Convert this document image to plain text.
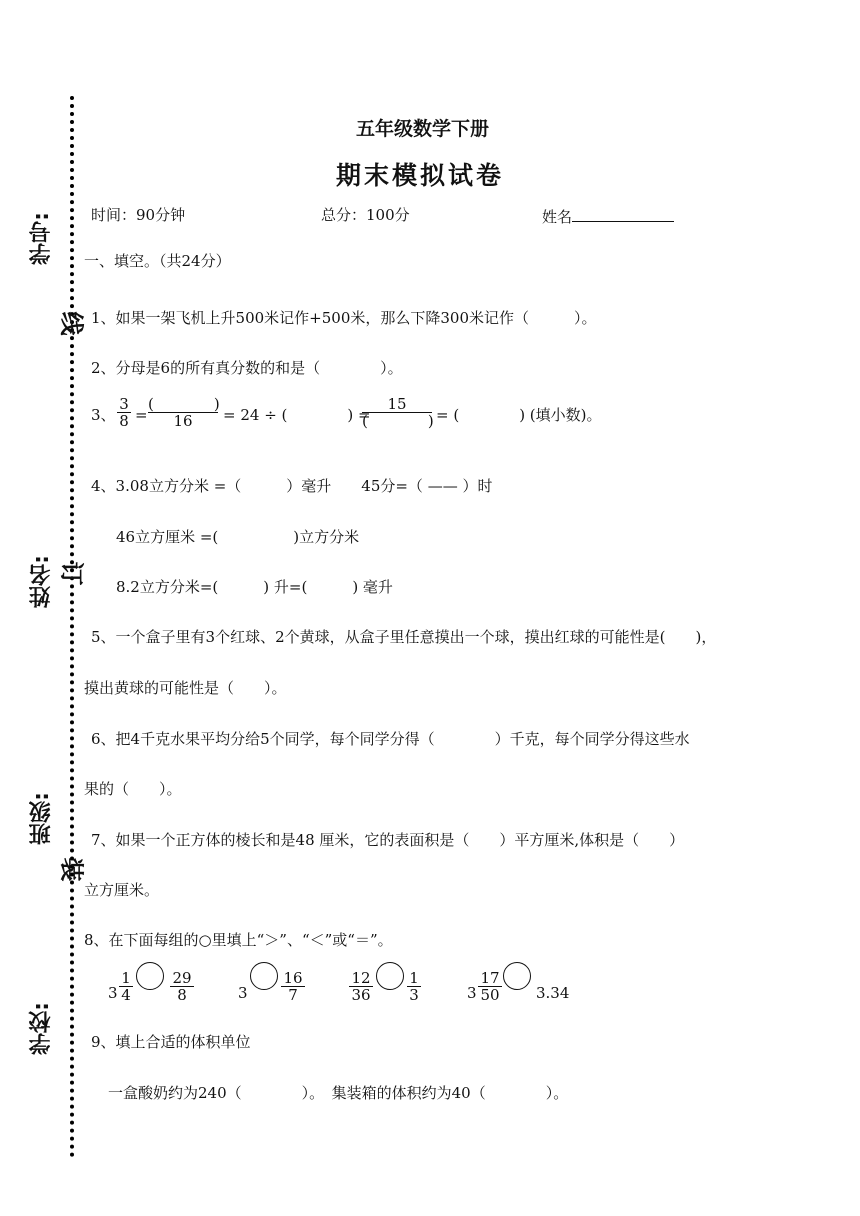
学号:
姓名:
班级:
学校:
线
订
装
五年级数学下册
期末模拟试卷
时间：90分钟	总分：100分	姓名
一、填空。（共24分）
1、如果一架飞机上升500米记作+500米，那么下降300米记作（　　　）。
2、分母是6的所有真分数的和是（　　　　）。
3、 $\frac{3}{8}$ =
(　　　　)
16	= 24 ÷ (　　　　) =
15
(　　　　) = (　　　　) (填小数)。
4、3.08立方分米 =（　　　）毫升　　45分=（ —— ）时
46立方厘米 =(　　　　　)立方分米
8.2立方分米=(　　　) 升=(　　　) 毫升
5、一个盒子里有3个红球、2个黄球，从盒子里任意摸出一个球，摸出红球的可能性是(　　)，
摸出黄球的可能性是（　　）。
6、把4千克水果平均分给5个同学，每个同学分得（　　　　）千克，每个同学分得这些水
果的（　　）。
7、如果一个正方体的棱长和是48 厘米，它的表面积是（　　）平方厘米,体积是（　　）
立方厘米。
8、在下面每组的○里填上“＞”、“＜”或“＝”。
$3 \frac{1}{4} \frac{29}{8}$	$3 \frac{16}{7}$	$\frac{12}{36} \frac{1}{3}$	$3 \frac{17}{50} 3.34$
9、填上合适的体积单位
一盒酸奶约为240（　　　　）。　集装箱的体积约为40（　　　　）。
